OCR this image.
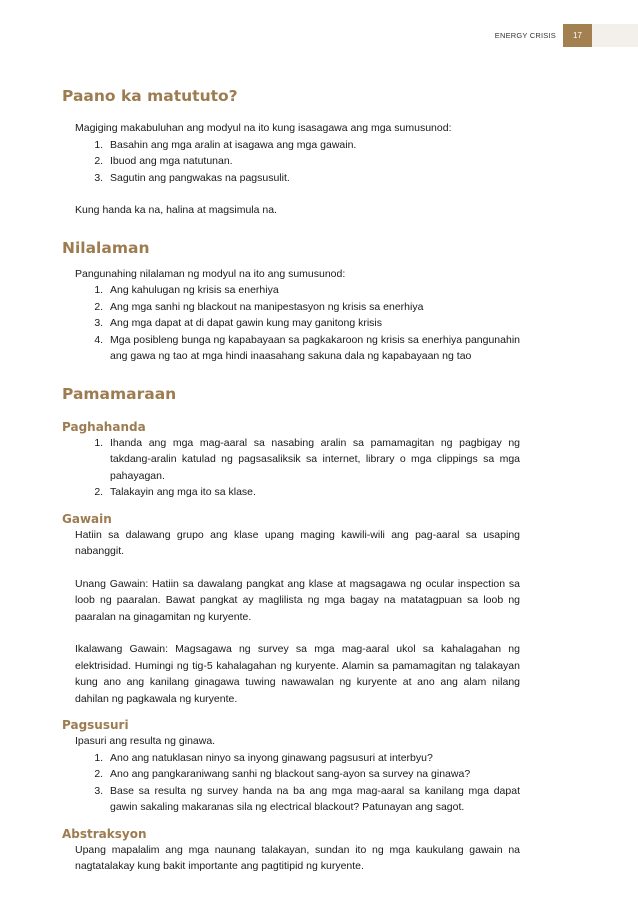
ENERGY CRISIS	17
Paano ka matututo?

Magiging makabuluhan ang modyul na ito kung isasagawa ang mga sumusunod:

1. Basahin ang mga aralin at isagawa ang mga gawain.
2. Ibuod ang mga natutunan.
3. Sagutin ang pangwakas na pagsusulit.

Kung handa ka na, halina at magsimula na.

Nilalaman

Pangunahing nilalaman ng modyul na ito ang sumusunod:

1. Ang kahulugan ng krisis sa enerhiya
2. Ang mga sanhi ng blackout na manipestasyon ng krisis sa enerhiya
3. Ang mga dapat at di dapat gawin kung may ganitong krisis
4. Mga posibleng bunga ng kapabayaan sa pagkakaroon ng krisis sa enerhiya pangunahin ang gawa ng tao at mga hindi inaasahang sakuna dala ng kapabayaan ng tao
Pamamaraan
Paghahanda
1. Ihanda ang mga mag-aaral sa nasabing aralin sa pamamagitan ng pagbigay ng takdang-aralin katulad ng pagsasaliksik sa internet, library o mga clippings sa mga pahayagan.
2. Talakayin ang mga ito sa klase.
Gawain

Hatiin sa dalawang grupo ang klase upang maging kawili-wili ang pag-aaral sa usaping nabanggit.

Unang Gawain: Hatiin sa dawalang pangkat ang klase at magsagawa ng ocular inspection sa loob ng paaralan. Bawat pangkat ay maglilista ng mga bagay na matatagpuan sa loob ng paaralan na ginagamitan ng kuryente.

Ikalawang Gawain: Magsagawa ng survey sa mga mag-aaral ukol sa kahalagahan ng elektrisidad. Humingi ng tig-5 kahalagahan ng kuryente. Alamin sa pamamagitan ng talakayan kung ano ang kanilang ginagawa tuwing nawawalan ng kuryente at ano ang alam nilang dahilan ng pagkawala ng kuryente.

Pagsusuri

Ipasuri ang resulta ng ginawa.

1. Ano ang natuklasan ninyo sa inyong ginawang pagsusuri at interbyu?
2. Ano ang pangkaraniwang sanhi ng blackout sang-ayon sa survey na ginawa?
3. Base sa resulta ng survey handa na ba ang mga mag-aaral sa kanilang mga dapat gawin sakaling makaranas sila ng electrical blackout? Patunayan ang sagot.
Abstraksyon

Upang mapalalim ang mga naunang talakayan, sundan ito ng mga kaukulang gawain na nagtatalakay kung bakit importante ang pagtitipid ng kuryente.
